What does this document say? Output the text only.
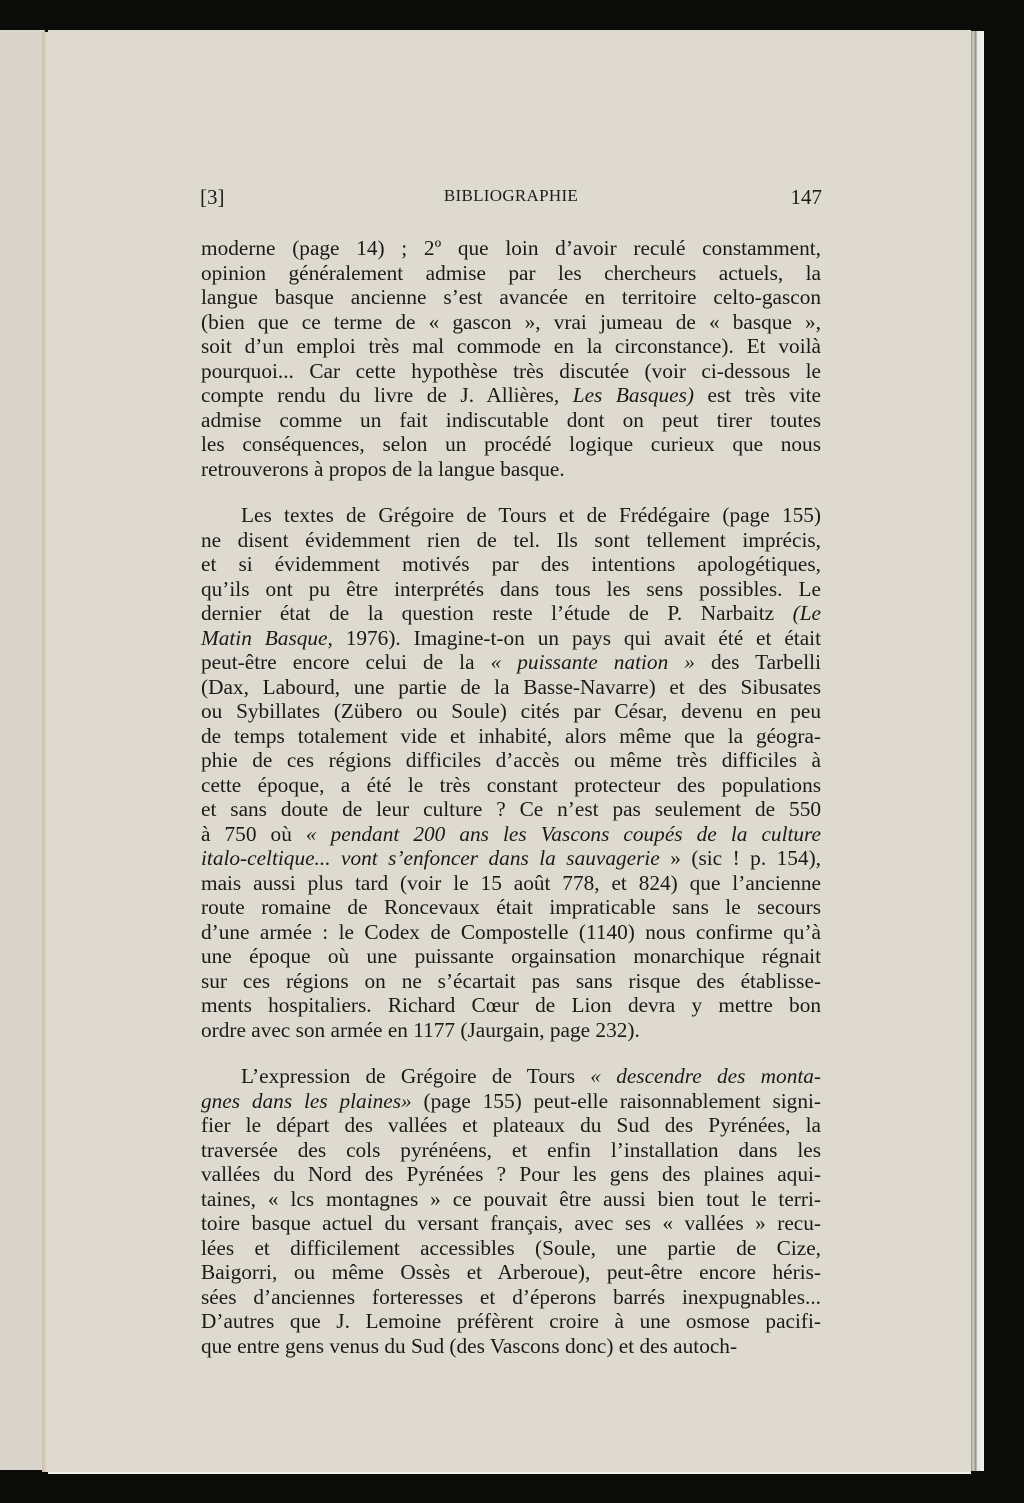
[3]	BIBLIOGRAPHIE	147
moderne (page 14) ; 2º que loin d’avoir reculé constamment,
opinion généralement admise par les chercheurs actuels, la
langue basque ancienne s’est avancée en territoire celto-gascon
(bien que ce terme de « gascon », vrai jumeau de « basque »,
soit d’un emploi très mal commode en la circonstance). Et voilà
pourquoi... Car cette hypothèse très discutée (voir ci-dessous le
compte rendu du livre de J. Allières, Les Basques) est très vite
admise comme un fait indiscutable dont on peut tirer toutes
les conséquences, selon un procédé logique curieux que nous
retrouverons à propos de la langue basque.
Les textes de Grégoire de Tours et de Frédégaire (page 155)
ne disent évidemment rien de tel. Ils sont tellement imprécis,
et si évidemment motivés par des intentions apologétiques,
qu’ils ont pu être interprétés dans tous les sens possibles. Le
dernier état de la question reste l’étude de P. Narbaitz (Le
Matin Basque, 1976). Imagine-t-on un pays qui avait été et était
peut-être encore celui de la « puissante nation » des Tarbelli
(Dax, Labourd, une partie de la Basse-Navarre) et des Sibusates
ou Sybillates (Zübero ou Soule) cités par César, devenu en peu
de temps totalement vide et inhabité, alors même que la géogra-
phie de ces régions difficiles d’accès ou même très difficiles à
cette époque, a été le très constant protecteur des populations
et sans doute de leur culture ? Ce n’est pas seulement de 550
à 750 où « pendant 200 ans les Vascons coupés de la culture
italo-celtique... vont s’enfoncer dans la sauvagerie » (sic ! p. 154),
mais aussi plus tard (voir le 15 août 778, et 824) que l’ancienne
route romaine de Roncevaux était impraticable sans le secours
d’une armée : le Codex de Compostelle (1140) nous confirme qu’à
une époque où une puissante orgainsation monarchique régnait
sur ces régions on ne s’écartait pas sans risque des établisse-
ments hospitaliers. Richard Cœur de Lion devra y mettre bon
ordre avec son armée en 1177 (Jaurgain, page 232).
L’expression de Grégoire de Tours « descendre des monta-
gnes dans les plaines» (page 155) peut-elle raisonnablement signi-
fier le départ des vallées et plateaux du Sud des Pyrénées, la
traversée des cols pyrénéens, et enfin l’installation dans les
vallées du Nord des Pyrénées ? Pour les gens des plaines aqui-
taines, « lcs montagnes » ce pouvait être aussi bien tout le terri-
toire basque actuel du versant français, avec ses « vallées » recu-
lées et difficilement accessibles (Soule, une partie de Cize,
Baigorri, ou même Ossès et Arberoue), peut-être encore héris-
sées d’anciennes forteresses et d’éperons barrés inexpugnables...
D’autres que J. Lemoine préfèrent croire à une osmose pacifi-
que entre gens venus du Sud (des Vascons donc) et des autoch-
